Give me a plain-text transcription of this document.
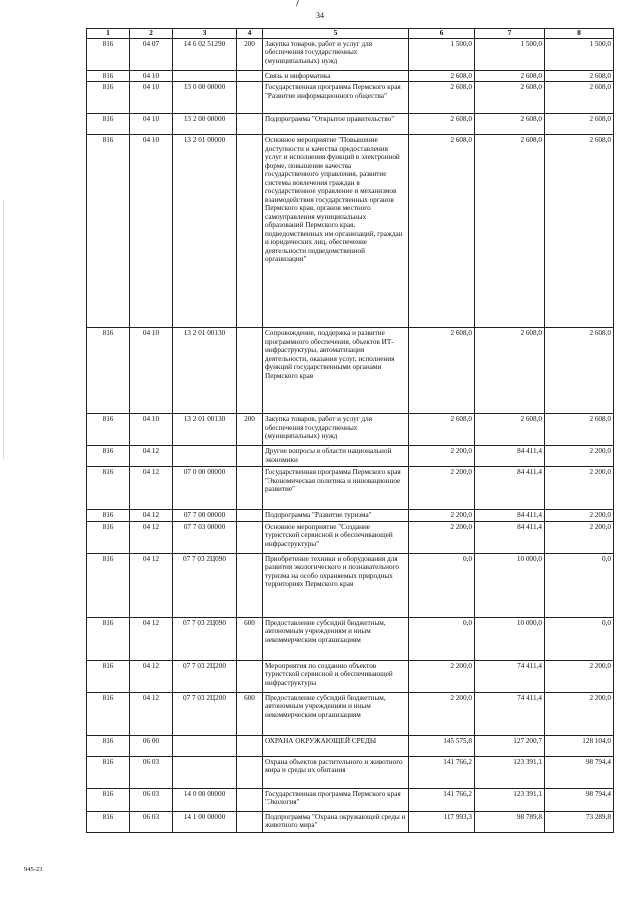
34
1	2	3	4	5	6	7	8
816	04 07	14 6 02 51290	200	Закупка товаров, работ и услуг для обеспечения государственных (муниципальных) нужд	1 500,0	1 500,0	1 500,0
816	04 10			Связь и информатика	2 608,0	2 608,0	2 608,0
816	04 10	13 0 00 00000		Государственная программа Пермского края "Развитие информационного общества"	2 608,0	2 608,0	2 608,0
816	04 10	13 2 00 00000		Подпрограмма "Открытое правительство"	2 608,0	2 608,0	2 608,0
816	04 10	13 2 01 00000		Основное мероприятие "Повышение доступности и качества предоставления услуг и исполнения функций в электронной форме, повышение качества государственного управления, развитие системы вовлечения граждан в государственное управление и механизмов взаимодействия государственных органов Пермского края, органов местного самоуправления муниципальных образований Пермского края, подведомственных им организаций, граждан и юридических лиц, обеспечение деятельности подведомственной организации"	2 608,0	2 608,0	2 608,0
816	04 10	13 2 01 00130		Сопровождение, поддержка и развитие программного обеспечения, объектов ИТ-инфраструктуры, автоматизация деятельности, оказания услуг, исполнения функций государственными органами Пермского края	2 608,0	2 608,0	2 608,0
816	04 10	13 2 01 00130	200	Закупка товаров, работ и услуг для обеспечения государственных (муниципальных) нужд	2 608,0	2 608,0	2 608,0
816	04 12			Другие вопросы в области национальной экономики	2 200,0	84 411,4	2 200,0
816	04 12	07 0 00 00000		Государственная программа Пермского края "Экономическая политика и инновационное развитие"	2 200,0	84 411,4	2 200,0
816	04 12	07 7 00 00000		Подпрограмма "Развитие туризма"	2 200,0	84 411,4	2 200,0
816	04 12	07 7 03 00000		Основное мероприятие "Создание туристской сервисной и обеспечивающей инфраструктуры"	2 200,0	84 411,4	2 200,0
816	04 12	07 7 03 2Ц090		Приобретение техники и оборудования для развития экологического и познавательного туризма на особо охраняемых природных территориях Пермского края	0,0	10 000,0	0,0
816	04 12	07 7 03 2Ц090	600	Предоставление субсидий бюджетным, автономным учреждениям и иным некоммерческим организациям	0,0	10 000,0	0,0
816	04 12	07 7 03 2Ц200		Мероприятия по созданию объектов туристской сервисной и обеспечивающей инфраструктуры	2 200,0	74 411,4	2 200,0
816	04 12	07 7 03 2Ц200	600	Предоставление субсидий бюджетным, автономным учреждениям и иным некоммерческим организациям	2 200,0	74 411,4	2 200,0
816	06 00			ОХРАНА ОКРУЖАЮЩЕЙ СРЕДЫ	145 575,8	127 200,7	128 104,0
816	06 03			Охрана объектов растительного и животного мира и среды их обитания	141 766,2	123 391,1	98 794,4
816	06 03	14 0 00 00000		Государственная программа Пермского края "Экология"	141 766,2	123 391,1	98 794,4
816	06 03	14 1 00 00000		Подпрограмма "Охрана окружающей среды и животного мира"	117 993,3	98 789,8	73 289,8
945-23
